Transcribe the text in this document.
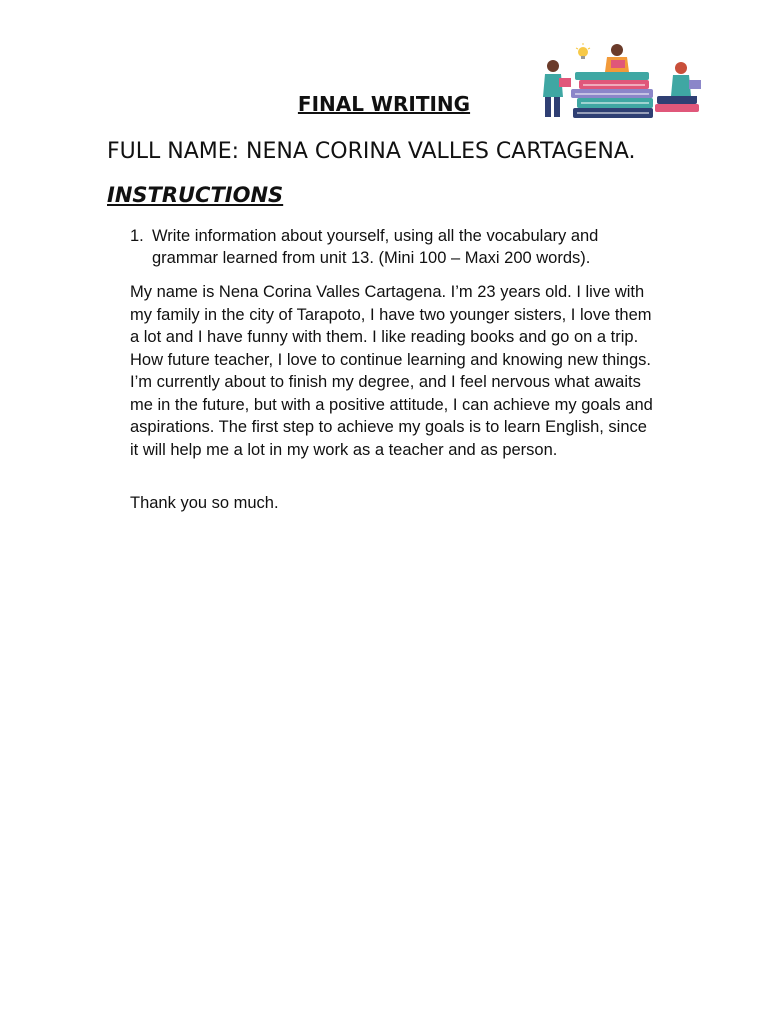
FINAL WRITING

FULL NAME: NENA CORINA VALLES CARTAGENA.

INSTRUCTIONS
1. Write information about yourself, using all the vocabulary and grammar learned from unit 13. (Mini 100 – Maxi 200 words).

My name is Nena Corina Valles Cartagena. I’m 23 years old. I live with my family in the city of Tarapoto, I have two younger sisters, I love them a lot and I have funny with them. I like reading books and go on a trip. How future teacher, I love to continue learning and knowing new things. I’m currently about to finish my degree, and I feel nervous what awaits me in the future, but with a positive attitude, I can achieve my goals and aspirations. The first step to achieve my goals is to learn English, since it will help me a lot in my work as a teacher and as person.

Thank you so much.
